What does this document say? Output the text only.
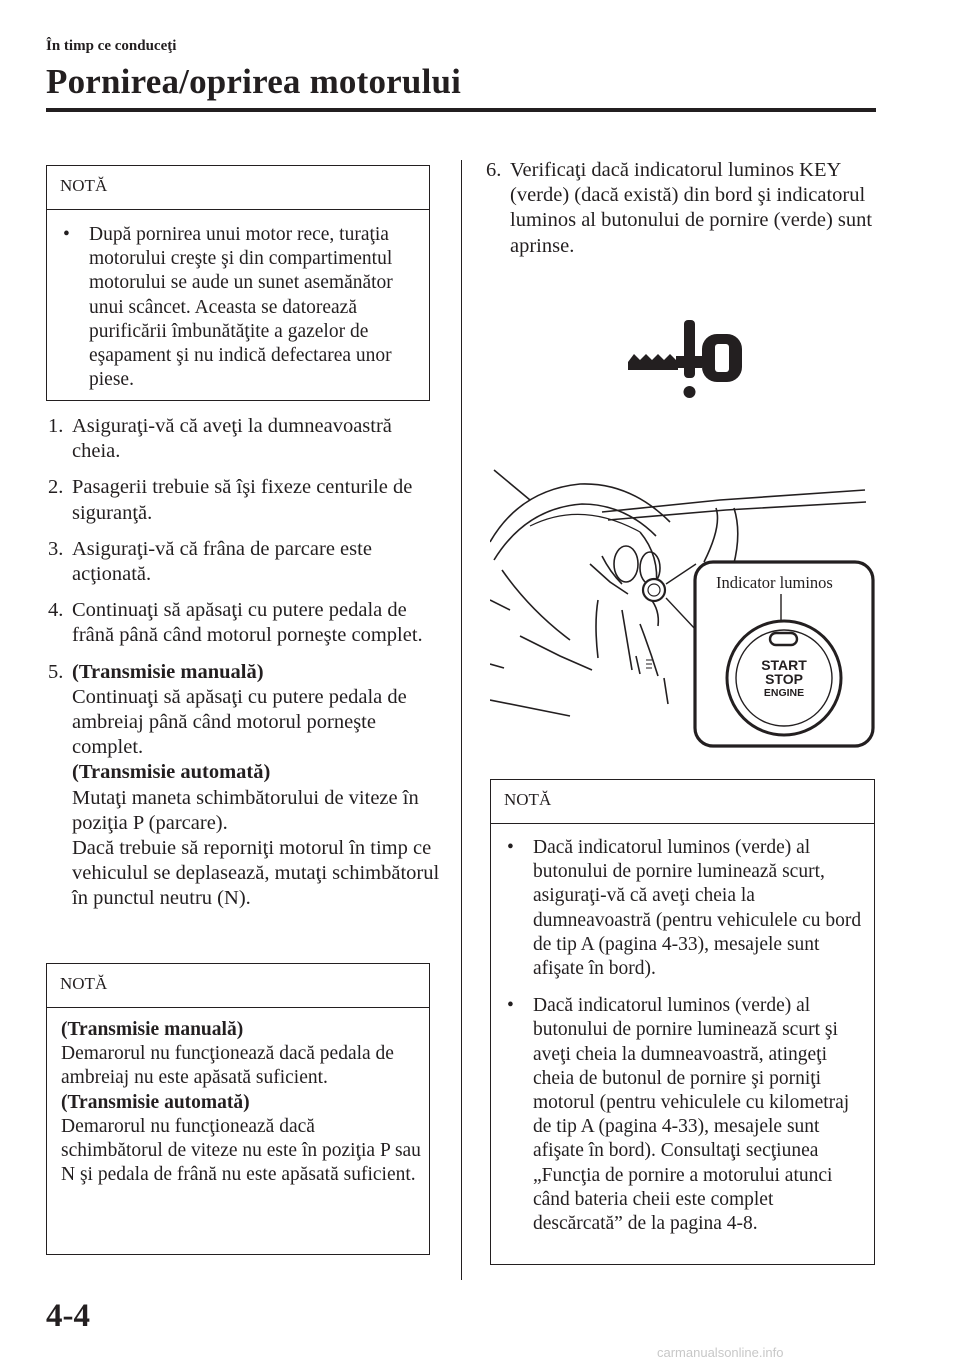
În timp ce conduceţi
Pornirea/oprirea motorului
NOTĂ
• După pornirea unui motor rece, turaţia motorului creşte şi din compartimentul motorului se aude un sunet asemănător unui scâncet. Aceasta se datorează purificării îmbunătăţite a gazelor de eşapament şi nu indică defectarea unor piese.
1. Asiguraţi-vă că aveţi la dumneavoastră cheia.
2. Pasagerii trebuie să îşi fixeze centurile de siguranţă.
3. Asiguraţi-vă că frâna de parcare este acţionată.
4. Continuaţi să apăsaţi cu putere pedala de frână până când motorul porneşte complet.
5. (Transmisie manuală)
Continuaţi să apăsaţi cu putere pedala de ambreiaj până când motorul porneşte complet.
(Transmisie automată)
Mutaţi maneta schimbătorului de viteze în poziţia P (parcare).
Dacă trebuie să reporniţi motorul în timp ce vehiculul se deplasează, mutaţi schimbătorul în punctul neutru (N).
NOTĂ
(Transmisie manuală)
Demarorul nu funcţionează dacă pedala de ambreiaj nu este apăsată suficient.
(Transmisie automată)
Demarorul nu funcţionează dacă schimbătorul de viteze nu este în poziţia P sau N şi pedala de frână nu este apăsată suficient.
6. Verificaţi dacă indicatorul luminos KEY (verde) (dacă există) din bord şi indicatorul luminos al butonului de pornire (verde) sunt aprinse.
Indicator luminos
START
STOP
ENGINE
NOTĂ
• Dacă indicatorul luminos (verde) al butonului de pornire luminează scurt, asiguraţi-vă că aveţi cheia la dumneavoastră (pentru vehiculele cu bord de tip A (pagina 4-33), mesajele sunt afişate în bord).
• Dacă indicatorul luminos (verde) al butonului de pornire luminează scurt şi aveţi cheia la dumneavoastră, atingeţi cheia de butonul de pornire şi porniţi motorul (pentru vehiculele cu kilometraj de tip A (pagina 4-33), mesajele sunt afişate în bord). Consultaţi secţiunea „Funcţia de pornire a motorului atunci când bateria cheii este complet descărcată” de la pagina 4-8.
4-4
carmanualsonline.info
